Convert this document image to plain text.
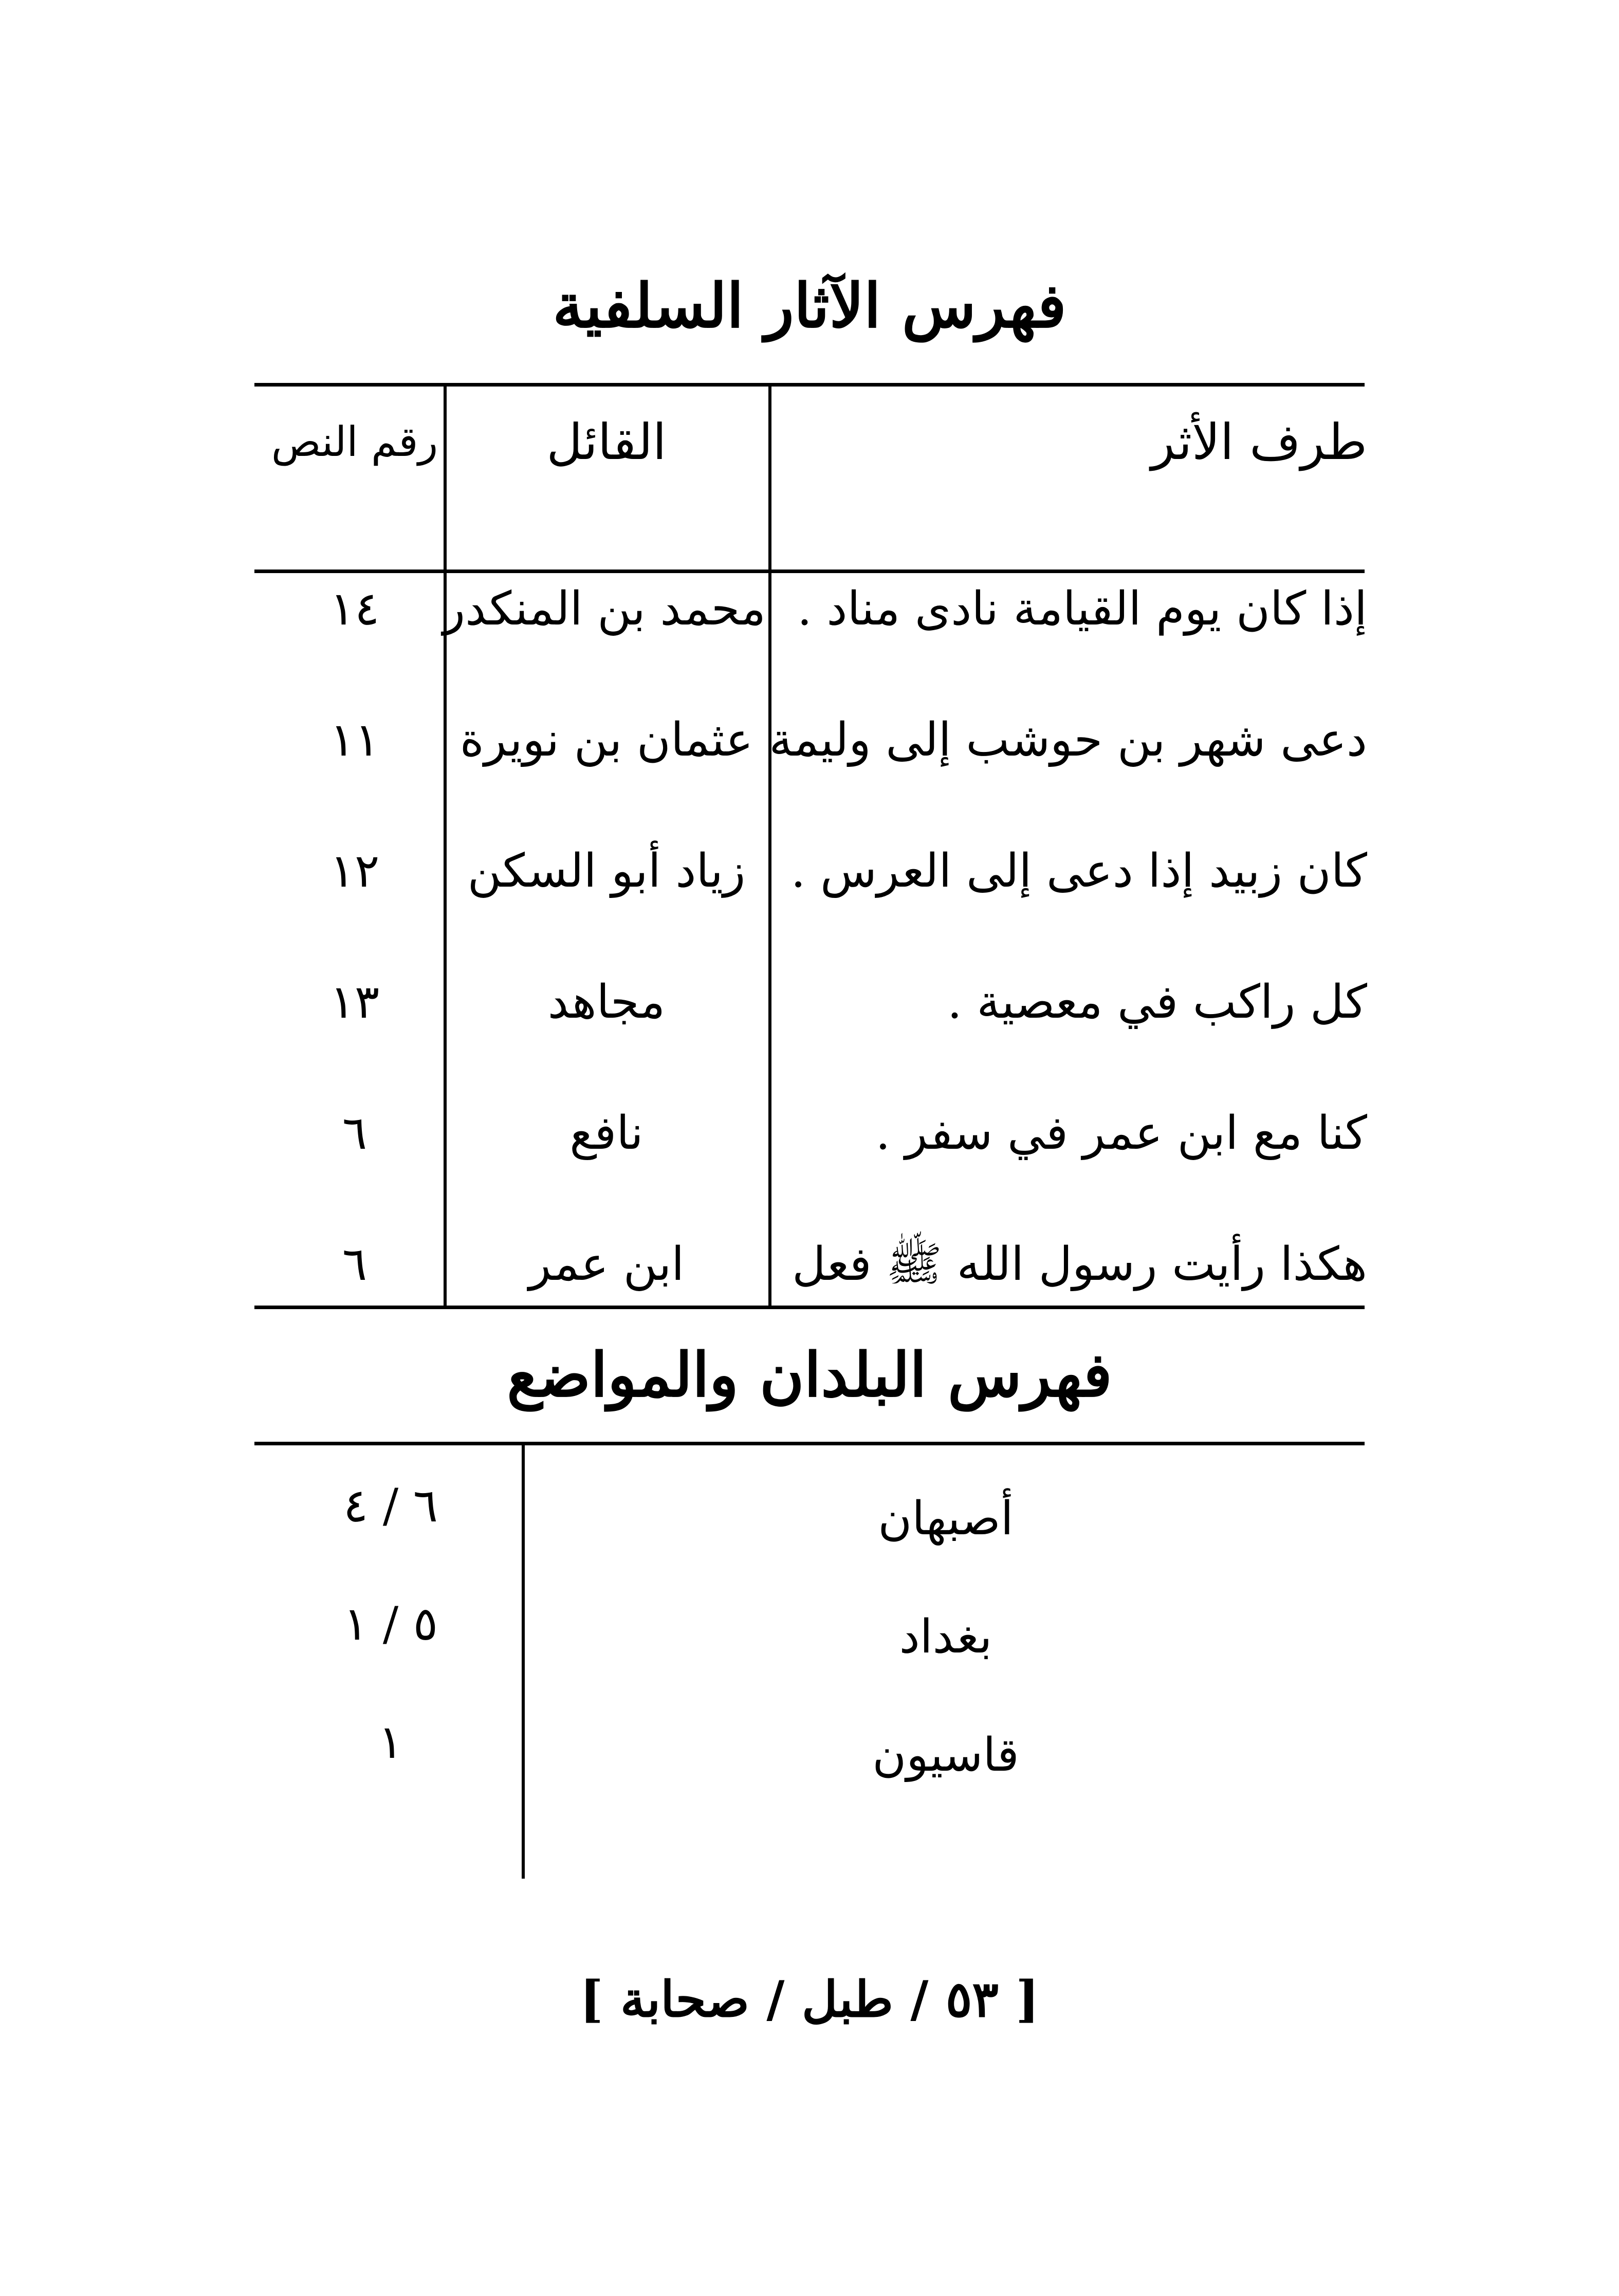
فهرس الآثار السلفية
طرف الأثر
القائل
رقم النص
إذا كان يوم القيامة نادى مناد .
محمد بن المنكدر
١٤
دعى شهر بن حوشب إلى وليمة
عثمان بن نويرة
١١
كان زبيد إذا دعى إلى العرس .
زياد أبو السكن
١٢
كل راكب في معصية .
مجاهد
١٣
كنا مع ابن عمر في سفر .
نافع
٦
هكذا رأيت رسول الله ﷺ فعل
ابن عمر
٦
فهرس البلدان والمواضع
أصبهان
٦ / ٤
بغداد
٥ / ١
قاسيون
١

[ ٥٣ / طبل / صحابة ]
